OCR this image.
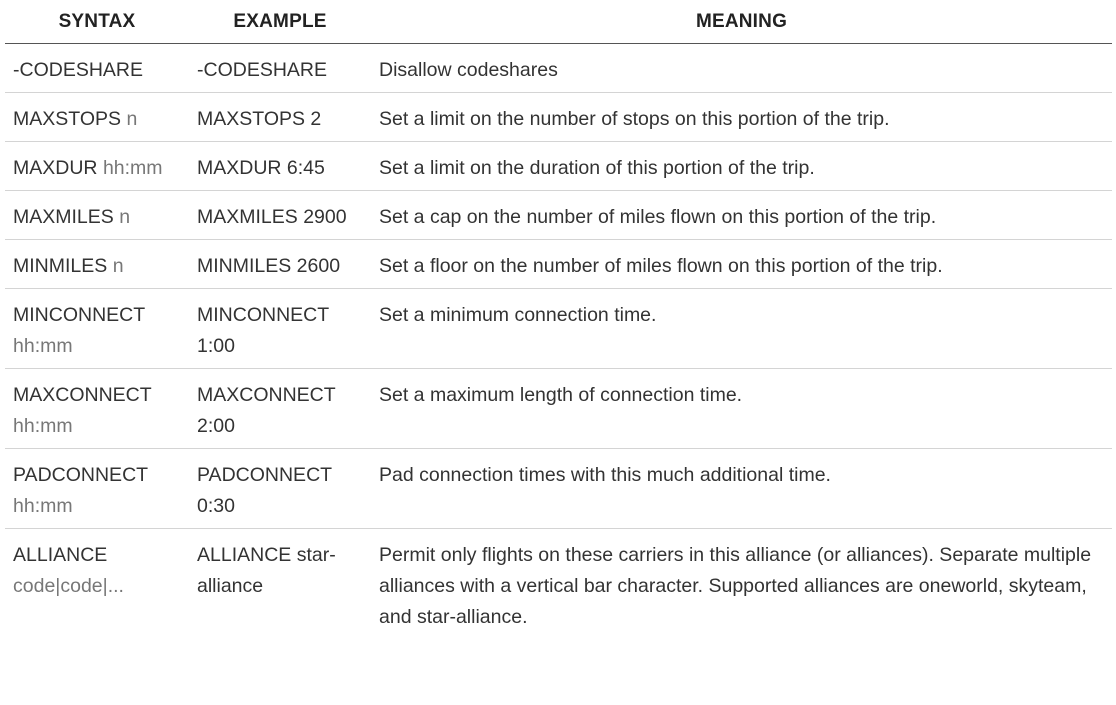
SYNTAX	EXAMPLE	MEANING
-CODESHARE	-CODESHARE	Disallow codeshares
MAXSTOPS n	MAXSTOPS 2	Set a limit on the number of stops on this portion of the trip.
MAXDUR hh:mm	MAXDUR 6:45	Set a limit on the duration of this portion of the trip.
MAXMILES n	MAXMILES 2900	Set a cap on the number of miles flown on this portion of the trip.
MINMILES n	MINMILES 2600	Set a floor on the number of miles flown on this portion of the trip.
MINCONNECT hh:mm	MINCONNECT 1:00	Set a minimum connection time.
MAXCONNECT hh:mm	MAXCONNECT 2:00	Set a maximum length of connection time.
PADCONNECT hh:mm	PADCONNECT 0:30	Pad connection times with this much additional time.
ALLIANCE code|code|...	ALLIANCE star-alliance	Permit only flights on these carriers in this alliance (or alliances). Separate multiple alliances with a vertical bar character. Supported alliances are oneworld, skyteam, and star-alliance.
